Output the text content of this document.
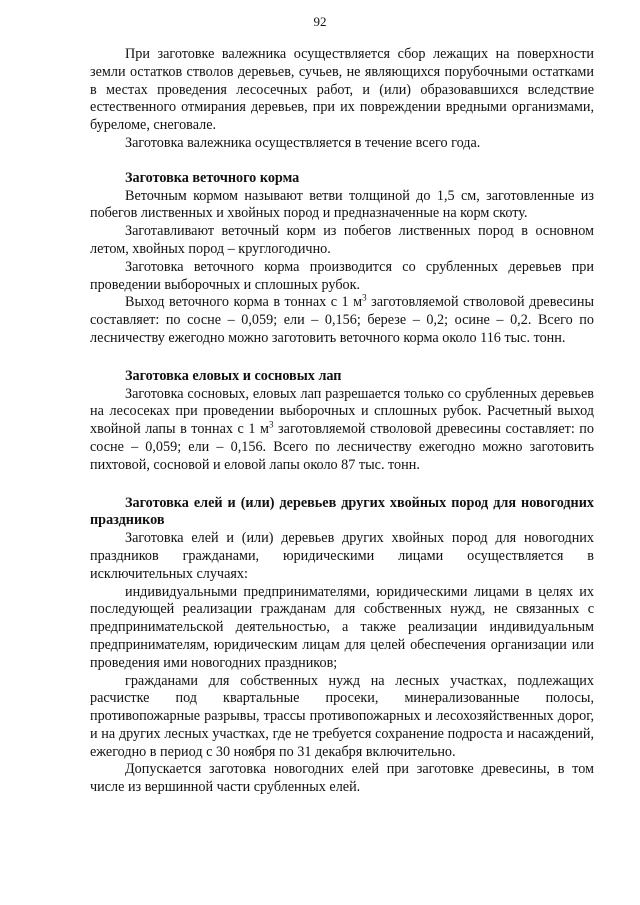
92

При заготовке валежника осуществляется сбор лежащих на поверхности земли остатков стволов деревьев, сучьев, не являющихся порубочными остатками в местах проведения лесосечных работ, и (или) образовавшихся вследствие естественного отмирания деревьев, при их повреждении вредными организмами, буреломе, снеговале.

Заготовка валежника осуществляется в течение всего года.

Заготовка веточного корма

Веточным кормом называют ветви толщиной до 1,5 см, заготовленные из побегов лиственных и хвойных пород и предназначенные на корм скоту.

Заготавливают веточный корм из побегов лиственных пород в основном летом, хвойных пород – круглогодично.

Заготовка веточного корма производится со срубленных деревьев при проведении выборочных и сплошных рубок.

Выход веточного корма в тоннах с 1 $м^3$ заготовляемой стволовой древесины составляет: по сосне – 0,059; ели – 0,156; березе – 0,2; осине – 0,2. Всего по лесничеству ежегодно можно заготовить веточного корма около 116 тыс. тонн.

Заготовка еловых и сосновых лап

Заготовка сосновых, еловых лап разрешается только со срубленных деревьев на лесосеках при проведении выборочных и сплошных рубок. Расчетный выход хвойной лапы в тоннах с 1 $м^3$ заготовляемой стволовой древесины составляет: по сосне – 0,059; ели – 0,156. Всего по лесничеству ежегодно можно заготовить пихтовой, сосновой и еловой лапы около 87 тыс. тонн.

Заготовка елей и (или) деревьев других хвойных пород для новогодних праздников

Заготовка елей и (или) деревьев других хвойных пород для новогодних праздников гражданами, юридическими лицами осуществляется в исключительных случаях:

индивидуальными предпринимателями, юридическими лицами в целях их последующей реализации гражданам для собственных нужд, не связанных с предпринимательской деятельностью, а также реализации индивидуальным предпринимателям, юридическим лицам для целей обеспечения организации или проведения ими новогодних праздников;

гражданами для собственных нужд на лесных участках, подлежащих расчистке под квартальные просеки, минерализованные полосы, противопожарные разрывы, трассы противопожарных и лесохозяйственных дорог, и на других лесных участках, где не требуется сохранение подроста и насаждений, ежегодно в период с 30 ноября по 31 декабря включительно.

Допускается заготовка новогодних елей при заготовке древесины, в том числе из вершинной части срубленных елей.
